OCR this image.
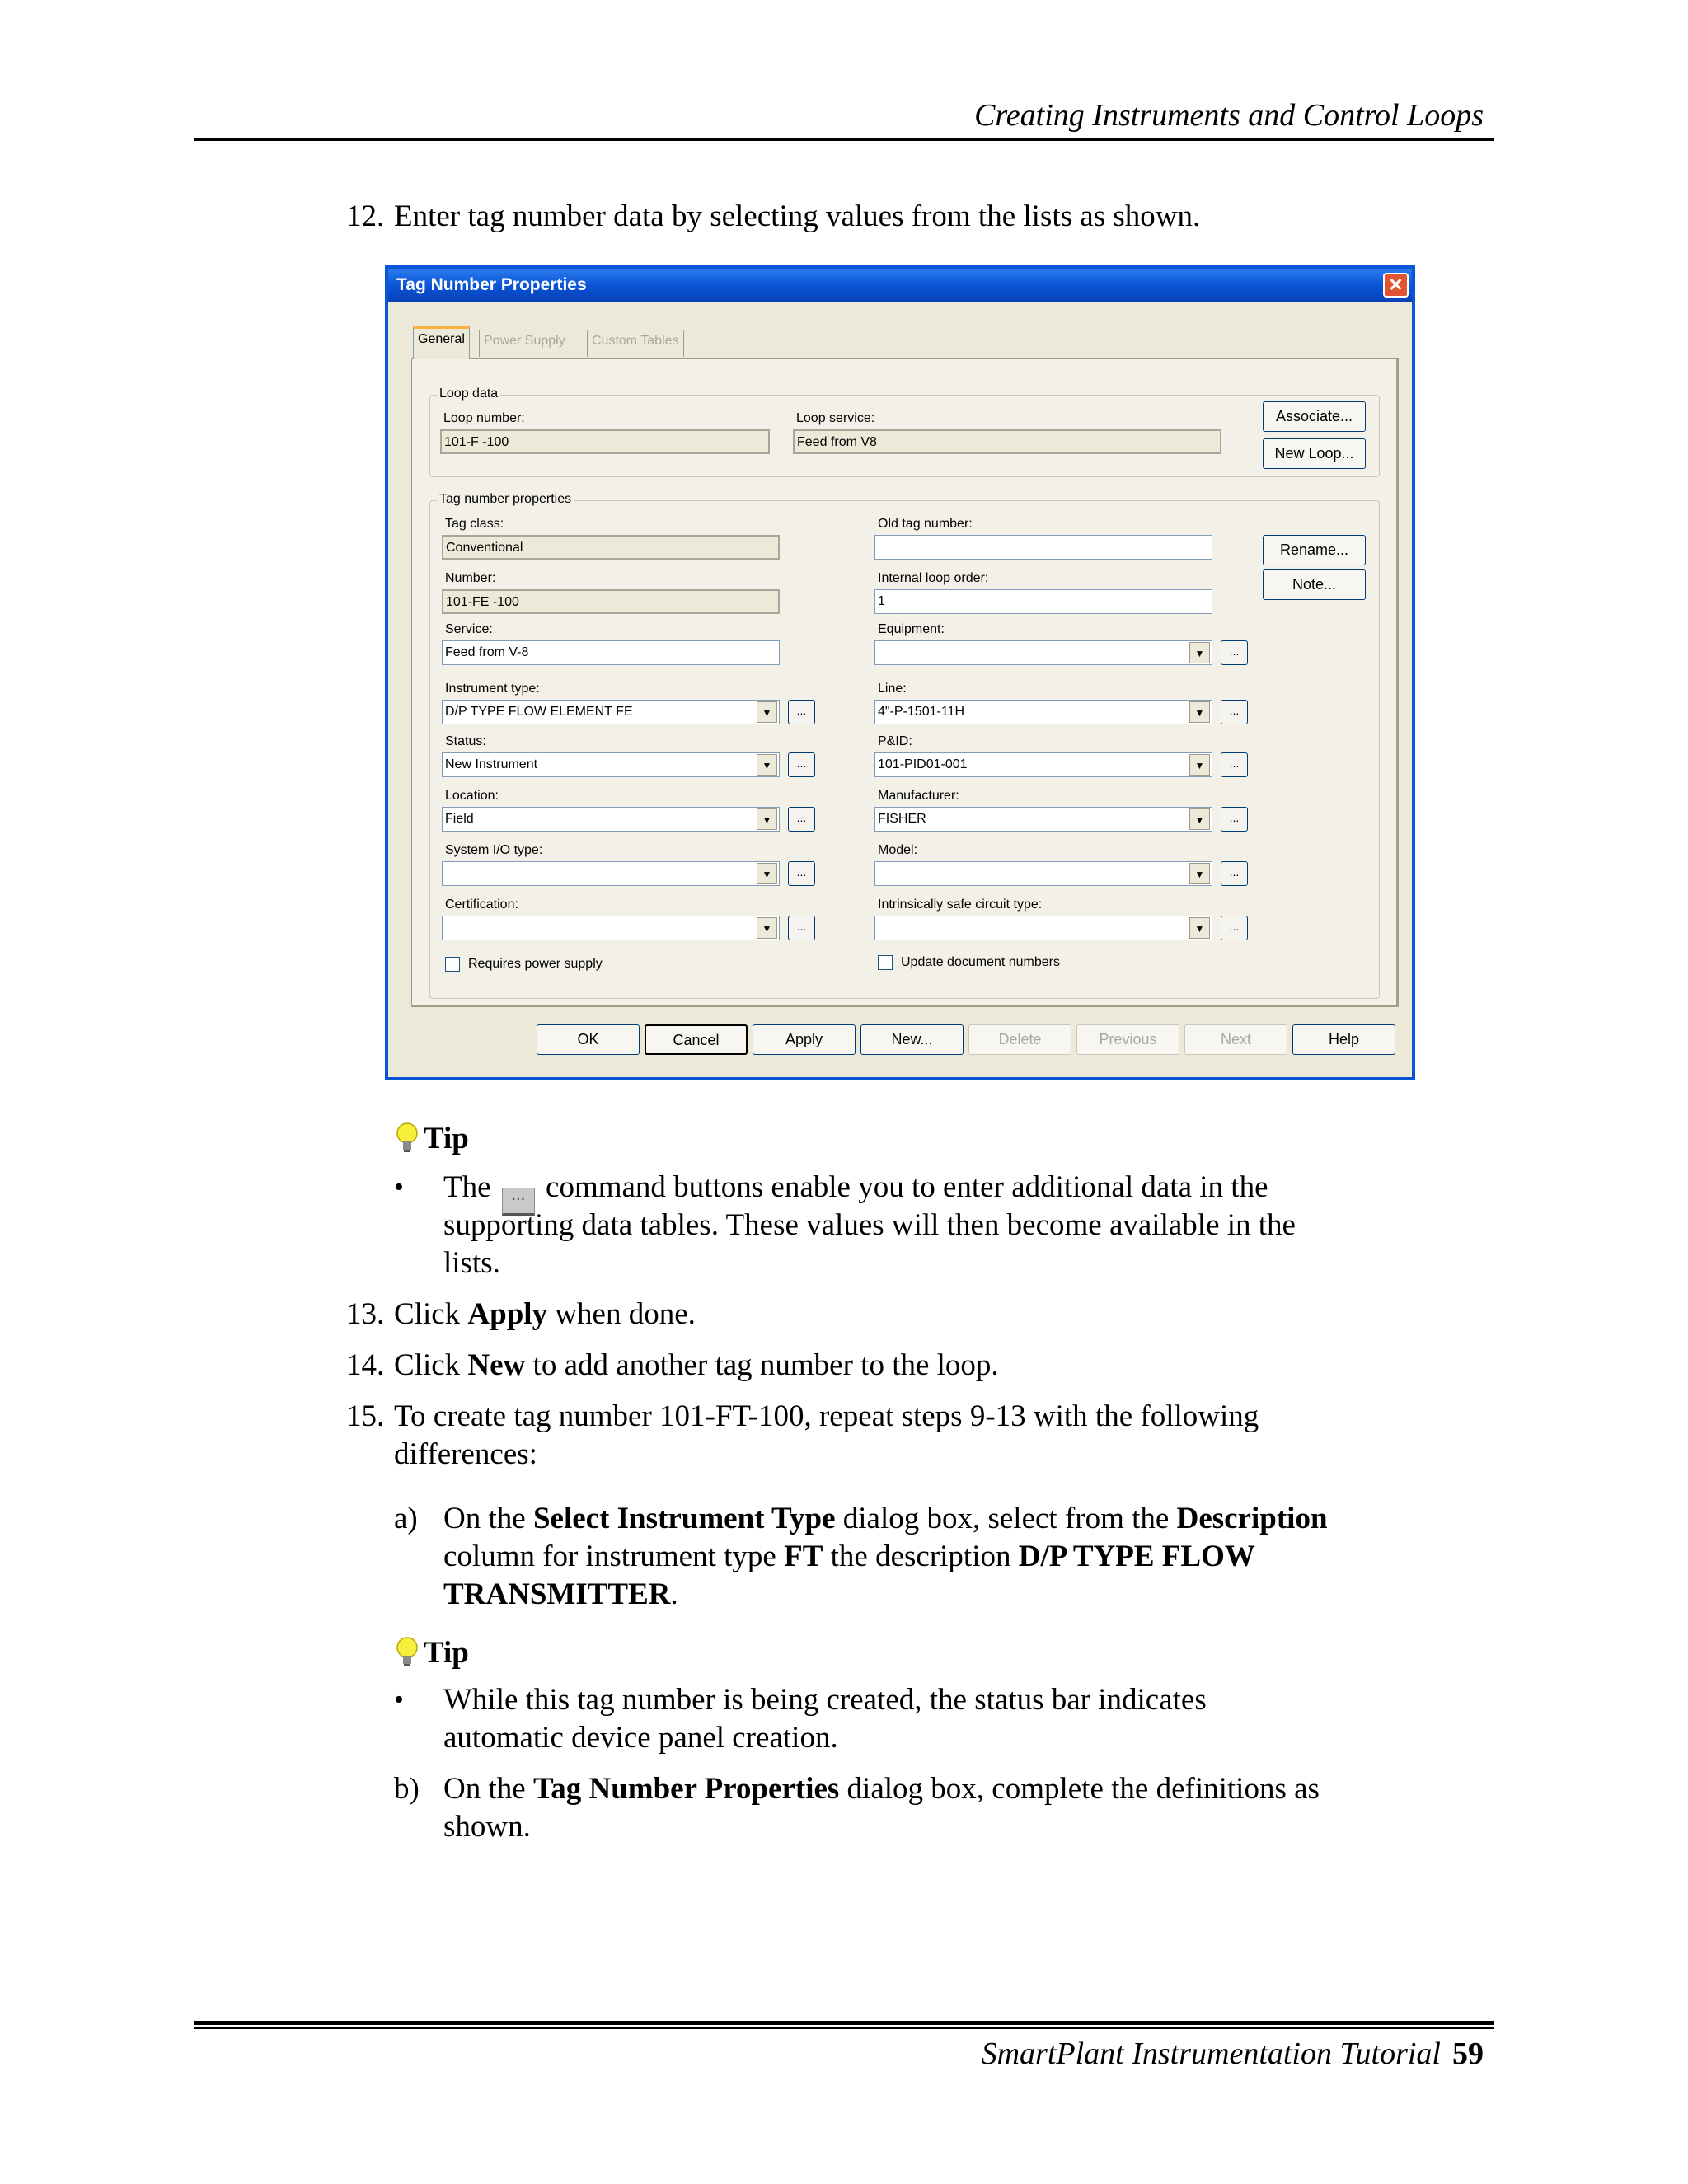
Creating Instruments and Control Loops
12. Enter tag number data by selecting values from the lists as shown.
Tag Number Properties	✕
General	Power Supply	Custom Tables
Loop data
Loop number:
101-F -100
Loop service:
Feed from V8
Associate...
New Loop...
Tag number properties
Tag class:
Conventional
Number:
101-FE -100
Service:
Feed from V-8
Instrument type:
D/P TYPE FLOW ELEMENT FE	▼	...
Status:
New Instrument	▼	...
Location:
Field	▼	...
System I/O type:
▼	...
Certification:
▼	...
Requires power supply
Old tag number:
Internal loop order:
1
Equipment:
▼	...
Line:
4"-P-1501-11H	▼	...
P&ID:
101-PID01-001	▼	...
Manufacturer:
FISHER	▼	...
Model:
▼	...
Intrinsically safe circuit type:
▼	...
Update document numbers
Rename...
Note...
OK	Cancel	Apply	New...	Delete	Previous	Next	Help
Tip
• The ... command buttons enable you to enter additional data in the
supporting data tables. These values will then become available in the
lists.
13. Click Apply when done.
14. Click New to add another tag number to the loop.
15. To create tag number 101-FT-100, repeat steps 9-13 with the following
differences:
a) On the Select Instrument Type dialog box, select from the Description
column for instrument type FT the description D/P TYPE FLOW
TRANSMITTER.
Tip
• While this tag number is being created, the status bar indicates
automatic device panel creation.
b) On the Tag Number Properties dialog box, complete the definitions as
shown.
SmartPlant Instrumentation Tutorial 59
